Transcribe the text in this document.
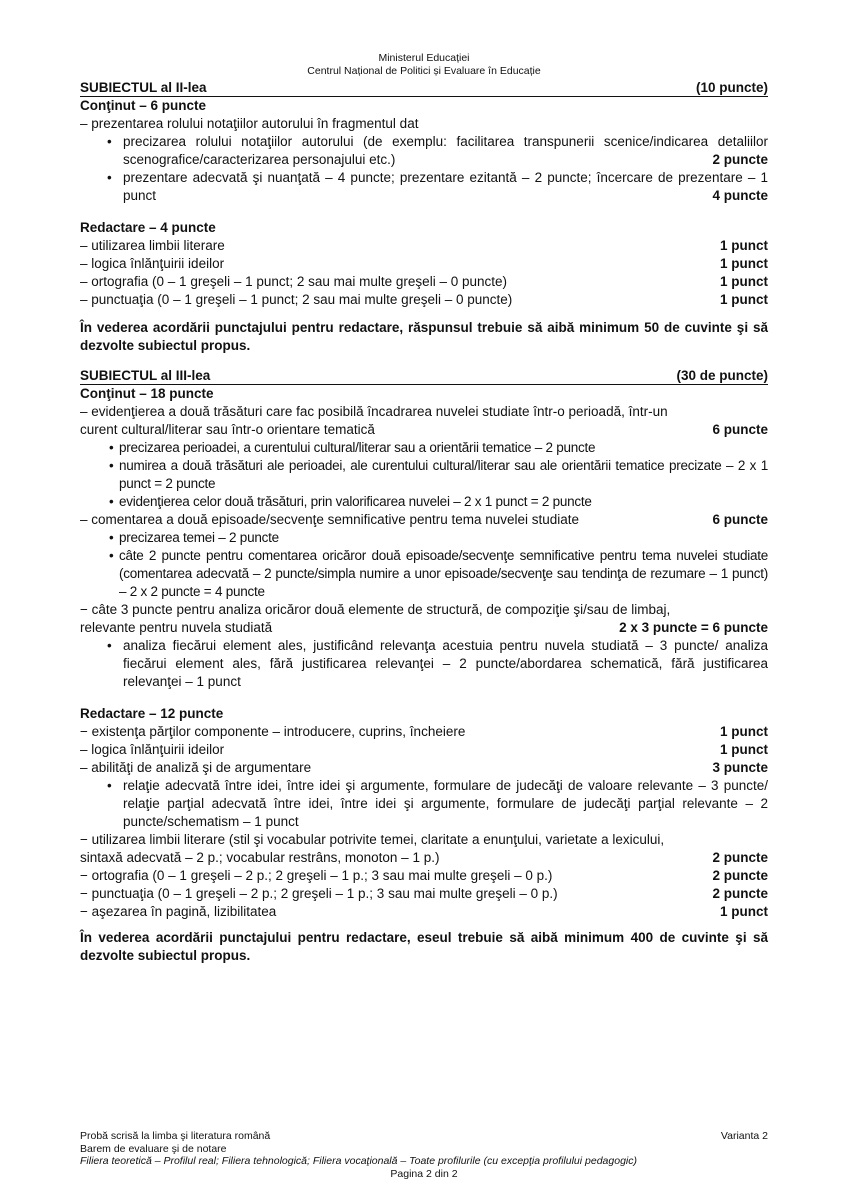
Ministerul Educației
Centrul Național de Politici și Evaluare în Educație
SUBIECTUL al II-lea	(10 puncte)
Conţinut – 6 puncte
– prezentarea rolului notaţiilor autorului în fragmentul dat
• precizarea rolului notaţiilor autorului (de exemplu: facilitarea transpunerii scenice/indicarea detaliilor scenografice/caracterizarea personajului etc.)	2 puncte
• prezentare adecvată şi nuanţată – 4 puncte; prezentare ezitantă – 2 puncte; încercare de prezentare – 1 punct	4 puncte
Redactare – 4 puncte
– utilizarea limbii literare	1 punct
– logica înlănţuirii ideilor	1 punct
– ortografia (0 – 1 greşeli – 1 punct; 2 sau mai multe greşeli – 0 puncte)	1 punct
– punctuaţia (0 – 1 greşeli – 1 punct; 2 sau mai multe greşeli – 0 puncte)	1 punct
În vederea acordării punctajului pentru redactare, răspunsul trebuie să aibă minimum 50 de cuvinte şi să dezvolte subiectul propus.
SUBIECTUL al III-lea	(30 de puncte)
Conţinut – 18 puncte
– evidenţierea a două trăsături care fac posibilă încadrarea nuvelei studiate într-o perioadă, într-un
curent cultural/literar sau într-o orientare tematică	6 puncte
• precizarea perioadei, a curentului cultural/literar sau a orientării tematice – 2 puncte
• numirea a două trăsături ale perioadei, ale curentului cultural/literar sau ale orientării tematice precizate – 2 x 1 punct = 2 puncte
• evidenţierea celor două trăsături, prin valorificarea nuvelei – 2 x 1 punct = 2 puncte
– comentarea a două episoade/secvenţe semnificative pentru tema nuvelei studiate	6 puncte
• precizarea temei – 2 puncte
• câte 2 puncte pentru comentarea oricăror două episoade/secvenţe semnificative pentru tema nuvelei studiate (comentarea adecvată – 2 puncte/simpla numire a unor episoade/secvenţe sau tendinţa de rezumare – 1 punct) – 2 x 2 puncte = 4 puncte
− câte 3 puncte pentru analiza oricăror două elemente de structură, de compoziţie şi/sau de limbaj,
relevante pentru nuvela studiată	2 x 3 puncte = 6 puncte
• analiza fiecărui element ales, justificând relevanţa acestuia pentru nuvela studiată – 3 puncte/ analiza fiecărui element ales, fără justificarea relevanţei – 2 puncte/abordarea schematică, fără justificarea relevanţei – 1 punct
Redactare – 12 puncte
− existenţa părţilor componente – introducere, cuprins, încheiere	1 punct
– logica înlănţuirii ideilor	1 punct
– abilităţi de analiză şi de argumentare	3 puncte
• relaţie adecvată între idei, între idei şi argumente, formulare de judecăţi de valoare relevante – 3 puncte/ relaţie parţial adecvată între idei, între idei şi argumente, formulare de judecăţi parţial relevante – 2 puncte/schematism – 1 punct
− utilizarea limbii literare (stil şi vocabular potrivite temei, claritate a enunţului, varietate a lexicului,
sintaxă adecvată – 2 p.; vocabular restrâns, monoton – 1 p.)	2 puncte
− ortografia (0 – 1 greşeli – 2 p.; 2 greşeli – 1 p.; 3 sau mai multe greşeli – 0 p.)	2 puncte
− punctuaţia (0 – 1 greşeli – 2 p.; 2 greşeli – 1 p.; 3 sau mai multe greşeli – 0 p.)	2 puncte
− aşezarea în pagină, lizibilitatea	1 punct
În vederea acordării punctajului pentru redactare, eseul trebuie să aibă minimum 400 de cuvinte şi să dezvolte subiectul propus.
Probă scrisă la limba şi literatura română	Varianta 2
Barem de evaluare şi de notare
Filiera teoretică – Profilul real; Filiera tehnologică; Filiera vocaţională – Toate profilurile (cu excepţia profilului pedagogic)
Pagina 2 din 2
